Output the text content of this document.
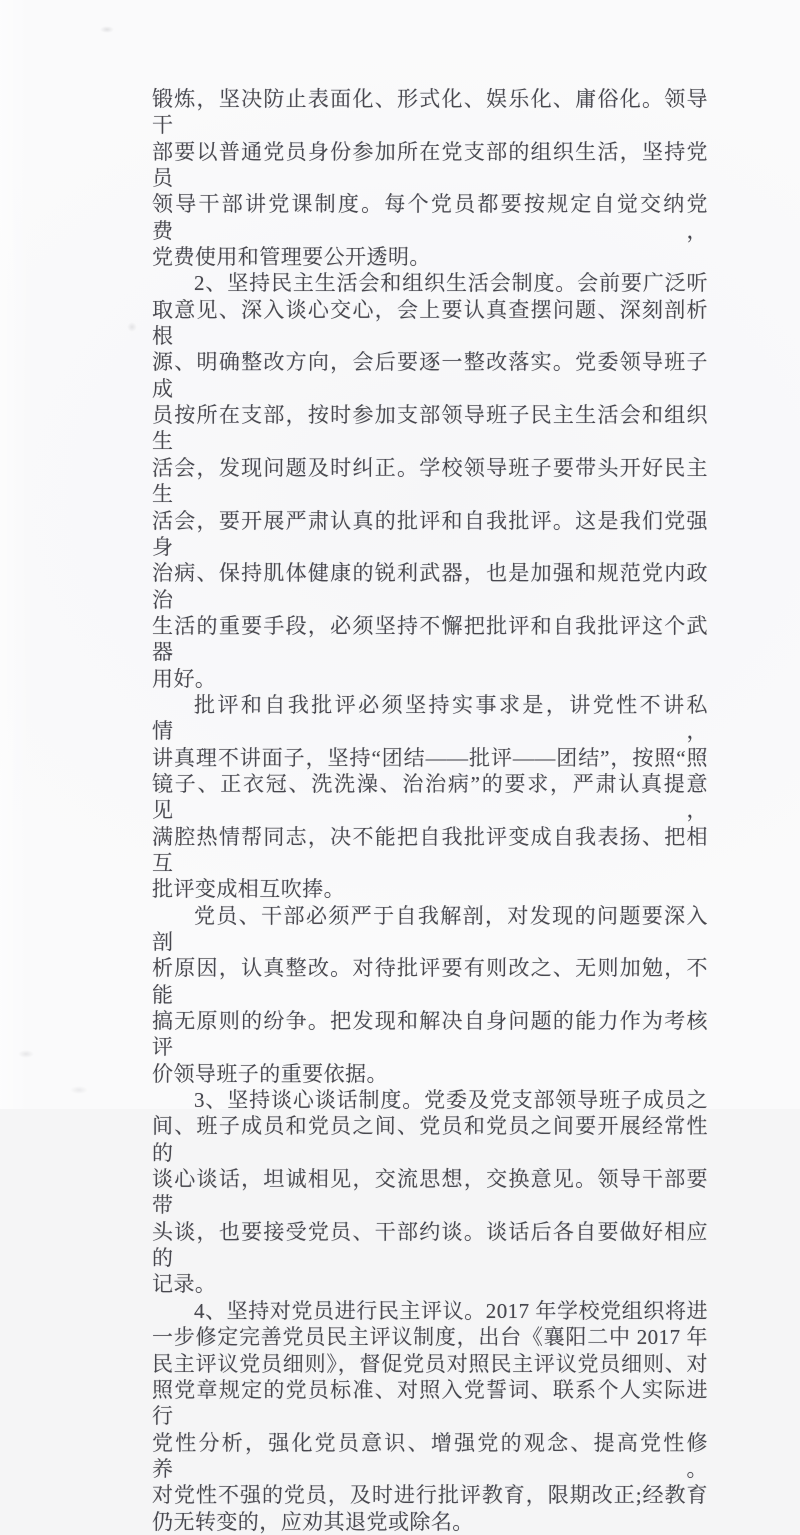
锻炼，坚决防止表面化、形式化、娱乐化、庸俗化。领导干
部要以普通党员身份参加所在党支部的组织生活，坚持党员
领导干部讲党课制度。每个党员都要按规定自觉交纳党费，
党费使用和管理要公开透明。
2、坚持民主生活会和组织生活会制度。会前要广泛听
取意见、深入谈心交心，会上要认真查摆问题、深刻剖析根
源、明确整改方向，会后要逐一整改落实。党委领导班子成
员按所在支部，按时参加支部领导班子民主生活会和组织生
活会，发现问题及时纠正。学校领导班子要带头开好民主生
活会，要开展严肃认真的批评和自我批评。这是我们党强身
治病、保持肌体健康的锐利武器，也是加强和规范党内政治
生活的重要手段，必须坚持不懈把批评和自我批评这个武器
用好。
批评和自我批评必须坚持实事求是，讲党性不讲私情，
讲真理不讲面子，坚持“团结——批评——团结”，按照“照
镜子、正衣冠、洗洗澡、治治病”的要求，严肃认真提意见，
满腔热情帮同志，决不能把自我批评变成自我表扬、把相互
批评变成相互吹捧。
党员、干部必须严于自我解剖，对发现的问题要深入剖
析原因，认真整改。对待批评要有则改之、无则加勉，不能
搞无原则的纷争。把发现和解决自身问题的能力作为考核评
价领导班子的重要依据。
3、坚持谈心谈话制度。党委及党支部领导班子成员之
间、班子成员和党员之间、党员和党员之间要开展经常性的
谈心谈话，坦诚相见，交流思想，交换意见。领导干部要带
头谈，也要接受党员、干部约谈。谈话后各自要做好相应的
记录。
4、坚持对党员进行民主评议。2017 年学校党组织将进
一步修定完善党员民主评议制度，出台《襄阳二中 2017 年
民主评议党员细则》，督促党员对照民主评议党员细则、对
照党章规定的党员标准、对照入党誓词、联系个人实际进行
党性分析，强化党员意识、增强党的观念、提高党性修养。
对党性不强的党员，及时进行批评教育，限期改正;经教育
仍无转变的，应劝其退党或除名。
